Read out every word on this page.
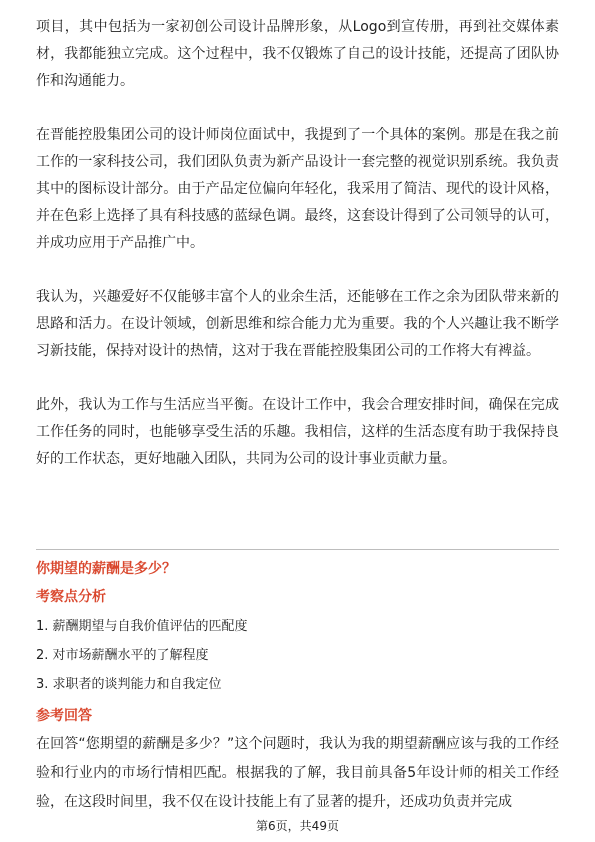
项目，其中包括为一家初创公司设计品牌形象，从Logo到宣传册，再到社交媒体素材，我都能独立完成。这个过程中，我不仅锻炼了自己的设计技能，还提高了团队协作和沟通能力。

在晋能控股集团公司的设计师岗位面试中，我提到了一个具体的案例。那是在我之前工作的一家科技公司，我们团队负责为新产品设计一套完整的视觉识别系统。我负责其中的图标设计部分。由于产品定位偏向年轻化，我采用了简洁、现代的设计风格，并在色彩上选择了具有科技感的蓝绿色调。最终，这套设计得到了公司领导的认可，并成功应用于产品推广中。

我认为，兴趣爱好不仅能够丰富个人的业余生活，还能够在工作之余为团队带来新的思路和活力。在设计领域，创新思维和综合能力尤为重要。我的个人兴趣让我不断学习新技能，保持对设计的热情，这对于我在晋能控股集团公司的工作将大有裨益。

此外，我认为工作与生活应当平衡。在设计工作中，我会合理安排时间，确保在完成工作任务的同时，也能够享受生活的乐趣。我相信，这样的生活态度有助于我保持良好的工作状态，更好地融入团队，共同为公司的设计事业贡献力量。

你期望的薪酬是多少？
考察点分析
1. 薪酬期望与自我价值评估的匹配度
2. 对市场薪酬水平的了解程度
3. 求职者的谈判能力和自我定位
参考回答

在回答“您期望的薪酬是多少？”这个问题时，我认为我的期望薪酬应该与我的工作经验和行业内的市场行情相匹配。根据我的了解，我目前具备5年设计师的相关工作经验，在这段时间里，我不仅在设计技能上有了显著的提升，还成功负责并完成

第6页，共49页
